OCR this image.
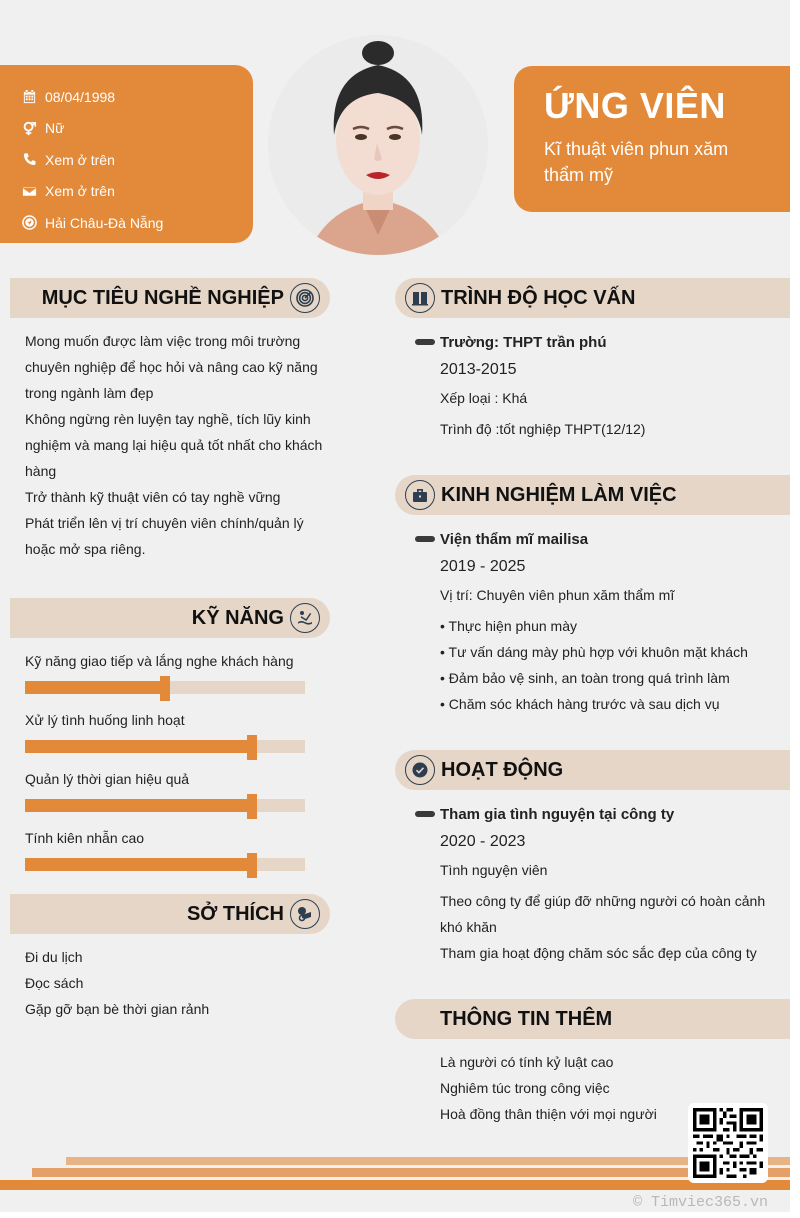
08/04/1998
Nữ
Xem ở trên
Xem ở trên
Hải Châu-Đà Nẵng
ỨNG VIÊN
Kĩ thuật viên phun xăm thẩm mỹ
MỤC TIÊU NGHỀ NGHIỆP
Mong muốn được làm việc trong môi trường chuyên nghiệp để học hỏi và nâng cao kỹ năng trong ngành làm đẹp
Không ngừng rèn luyện tay nghề, tích lũy kinh nghiệm và mang lại hiệu quả tốt nhất cho khách hàng
Trở thành kỹ thuật viên có tay nghề vững
Phát triển lên vị trí chuyên viên chính/quản lý hoặc mở spa riêng.
KỸ NĂNG
Kỹ năng giao tiếp và lắng nghe khách hàng
Xử lý tình huống linh hoạt
Quản lý thời gian hiệu quả
Tính kiên nhẫn cao
SỞ THÍCH
Đi du lịch
Đọc sách
Gặp gỡ bạn bè thời gian rảnh
TRÌNH ĐỘ HỌC VẤN
Trường: THPT trần phú
2013-2015
Xếp loại : Khá
Trình độ :tốt nghiệp THPT(12/12)
KINH NGHIỆM LÀM VIỆC
Viện thẩm mĩ mailisa
2019 - 2025
Vị trí: Chuyên viên phun xăm thẩm mĩ
• Thực hiện phun mày
• Tư vấn dáng mày phù hợp với khuôn mặt khách
• Đảm bảo vệ sinh, an toàn trong quá trình làm
• Chăm sóc khách hàng trước và sau dịch vụ
HOẠT ĐỘNG
Tham gia tình nguyện tại công ty
2020 - 2023
Tình nguyện viên
Theo công ty để giúp đỡ những người có hoàn cảnh khó khăn
Tham gia hoạt động chăm sóc sắc đẹp của công ty
THÔNG TIN THÊM
Là người có tính kỷ luật cao
Nghiêm túc trong công việc
Hoà đồng thân thiện với mọi người
© Timviec365.vn
